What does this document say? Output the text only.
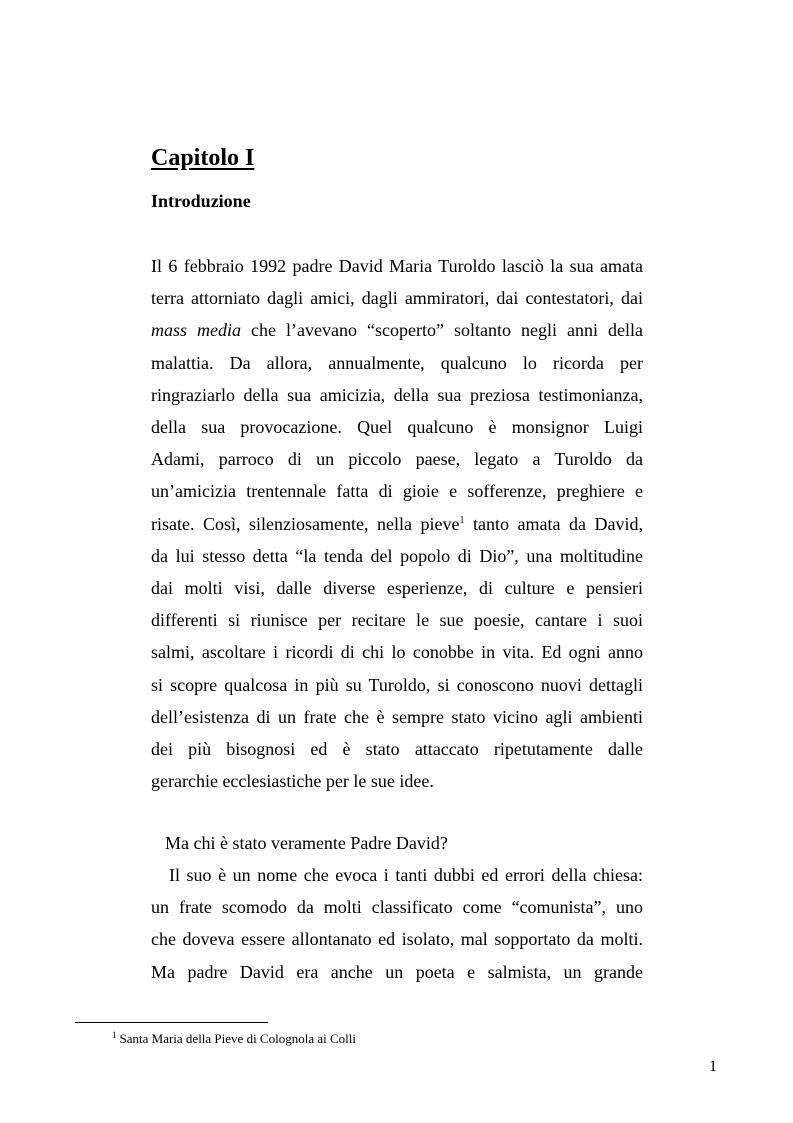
Capitolo I
Introduzione
Il 6 febbraio 1992 padre David Maria Turoldo lasciò la sua amata
terra attorniato dagli amici, dagli ammiratori, dai contestatori, dai
mass media che l’avevano “scoperto” soltanto negli anni della
malattia. Da allora, annualmente, qualcuno lo ricorda per
ringraziarlo della sua amicizia, della sua preziosa testimonianza,
della sua provocazione. Quel qualcuno è monsignor Luigi
Adami, parroco di un piccolo paese, legato a Turoldo da
un’amicizia trentennale fatta di gioie e sofferenze, preghiere e
risate. Così, silenziosamente, nella pieve$^1$ tanto amata da David,
da lui stesso detta “la tenda del popolo di Dio”, una moltitudine
dai molti visi, dalle diverse esperienze, di culture e pensieri
differenti si riunisce per recitare le sue poesie, cantare i suoi
salmi, ascoltare i ricordi di chi lo conobbe in vita. Ed ogni anno
si scopre qualcosa in più su Turoldo, si conoscono nuovi dettagli
dell’esistenza di un frate che è sempre stato vicino agli ambienti
dei più bisognosi ed è stato attaccato ripetutamente dalle
gerarchie ecclesiastiche per le sue idee.
Ma chi è stato veramente Padre David?
Il suo è un nome che evoca i tanti dubbi ed errori della chiesa:
un frate scomodo da molti classificato come “comunista”, uno
che doveva essere allontanato ed isolato, mal sopportato da molti.
Ma padre David era anche un poeta e salmista, un grande

$^1$ Santa Maria della Pieve di Colognola ai Colli

1
